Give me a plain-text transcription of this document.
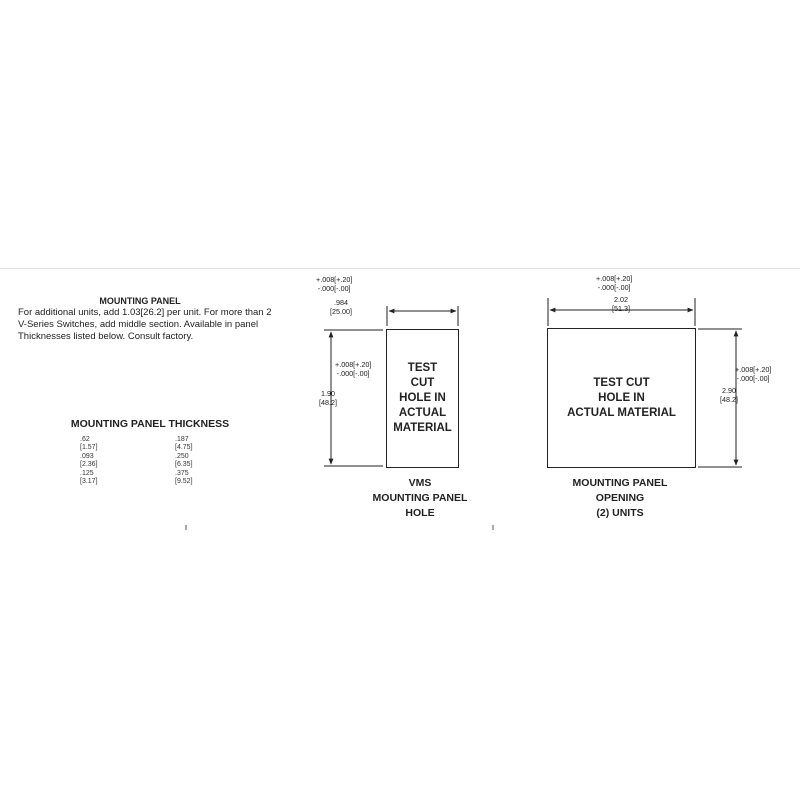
MOUNTING PANEL
For additional units, add 1.03[26.2] per unit. For more than 2 V-Series Switches, add middle section. Available in panel Thicknesses listed below. Consult factory.
MOUNTING PANEL THICKNESS
.62
[1.57]
.093
[2.36]
.125
[3.17]
.187
[4.75]
.250
[6.35]
.375
[9.52]
+.008[+.20]
-.000[-.00]
.984
[25.00]
+.008[+.20]
-.000[-.00]
1.90
[48.2]
TEST
CUT
HOLE IN
ACTUAL
MATERIAL
VMS
MOUNTING PANEL
HOLE
+.008[+.20]
-.000[-.00]
2.02
[51.3]
+.008[+.20]
-.000[-.00]
2.90
[48.2]
TEST CUT
HOLE IN
ACTUAL MATERIAL
MOUNTING PANEL
OPENING
(2) UNITS
